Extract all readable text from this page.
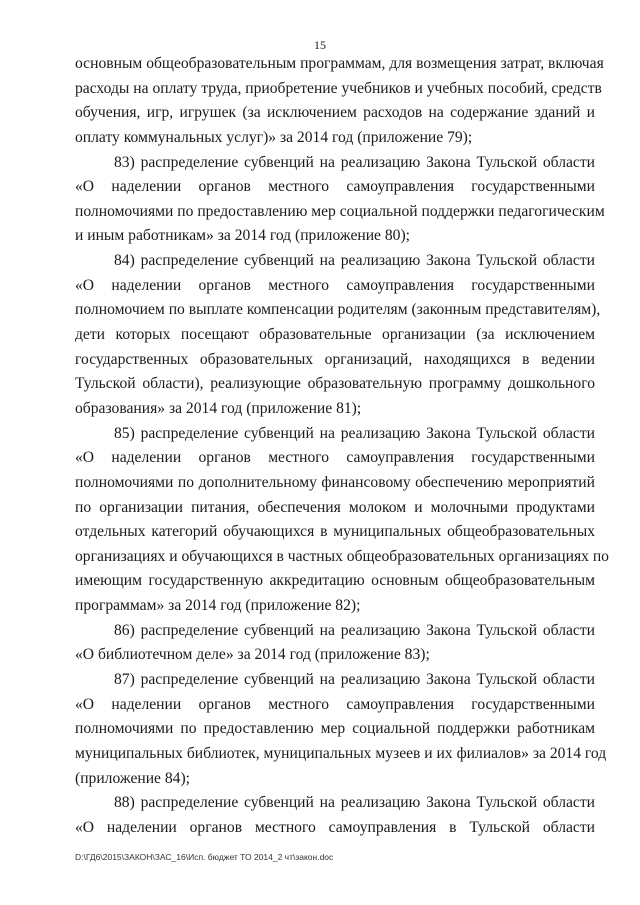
15
основным общеобразовательным программам, для возмещения затрат, включая
расходы на оплату труда, приобретение учебников и учебных пособий, средств
обучения, игр, игрушек (за исключением расходов на содержание зданий и
оплату коммунальных услуг)» за 2014 год (приложение 79);
83) распределение субвенций на реализацию Закона Тульской области
«О наделении органов местного самоуправления государственными
полномочиями по предоставлению мер социальной поддержки педагогическим
и иным работникам» за 2014 год (приложение 80);
84) распределение субвенций на реализацию Закона Тульской области
«О наделении органов местного самоуправления государственными
полномочием по выплате компенсации родителям (законным представителям),
дети которых посещают образовательные организации (за исключением
государственных образовательных организаций, находящихся в ведении
Тульской области), реализующие образовательную программу дошкольного
образования» за 2014 год (приложение 81);
85) распределение субвенций на реализацию Закона Тульской области
«О наделении органов местного самоуправления государственными
полномочиями по дополнительному финансовому обеспечению мероприятий
по организации питания, обеспечения молоком и молочными продуктами
отдельных категорий обучающихся в муниципальных общеобразовательных
организациях и обучающихся в частных общеобразовательных организациях по
имеющим государственную аккредитацию основным общеобразовательным
программам» за 2014 год (приложение 82);
86) распределение субвенций на реализацию Закона Тульской области
«О библиотечном деле» за 2014 год (приложение 83);
87) распределение субвенций на реализацию Закона Тульской области
«О наделении органов местного самоуправления государственными
полномочиями по предоставлению мер социальной поддержки работникам
муниципальных библиотек, муниципальных музеев и их филиалов» за 2014 год
(приложение 84);
88) распределение субвенций на реализацию Закона Тульской области
«О наделении органов местного самоуправления в Тульской области
D:\ГД6\2015\ЗАКОН\ЗАС_16\Исп. бюджет ТО 2014_2 чт\закон.doc
